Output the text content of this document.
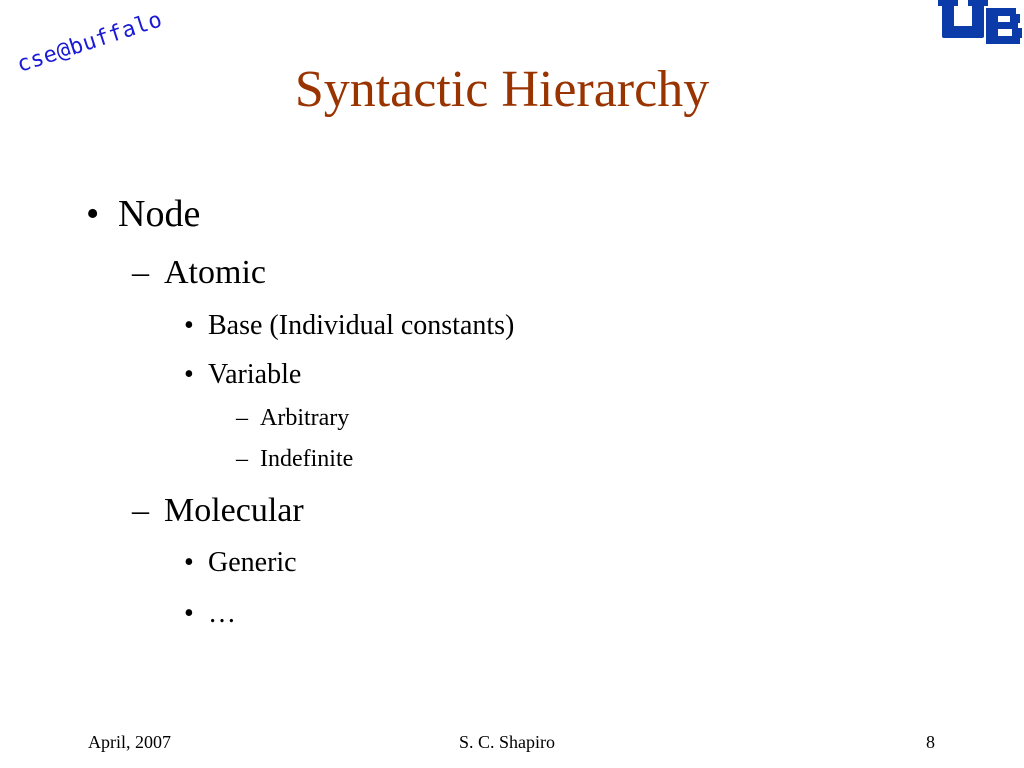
cse@buffalo
Syntactic Hierarchy
• Node
– Atomic
• Base (Individual constants)
• Variable
– Arbitrary
– Indefinite
– Molecular
• Generic
• …
April, 2007	S. C. Shapiro	8
